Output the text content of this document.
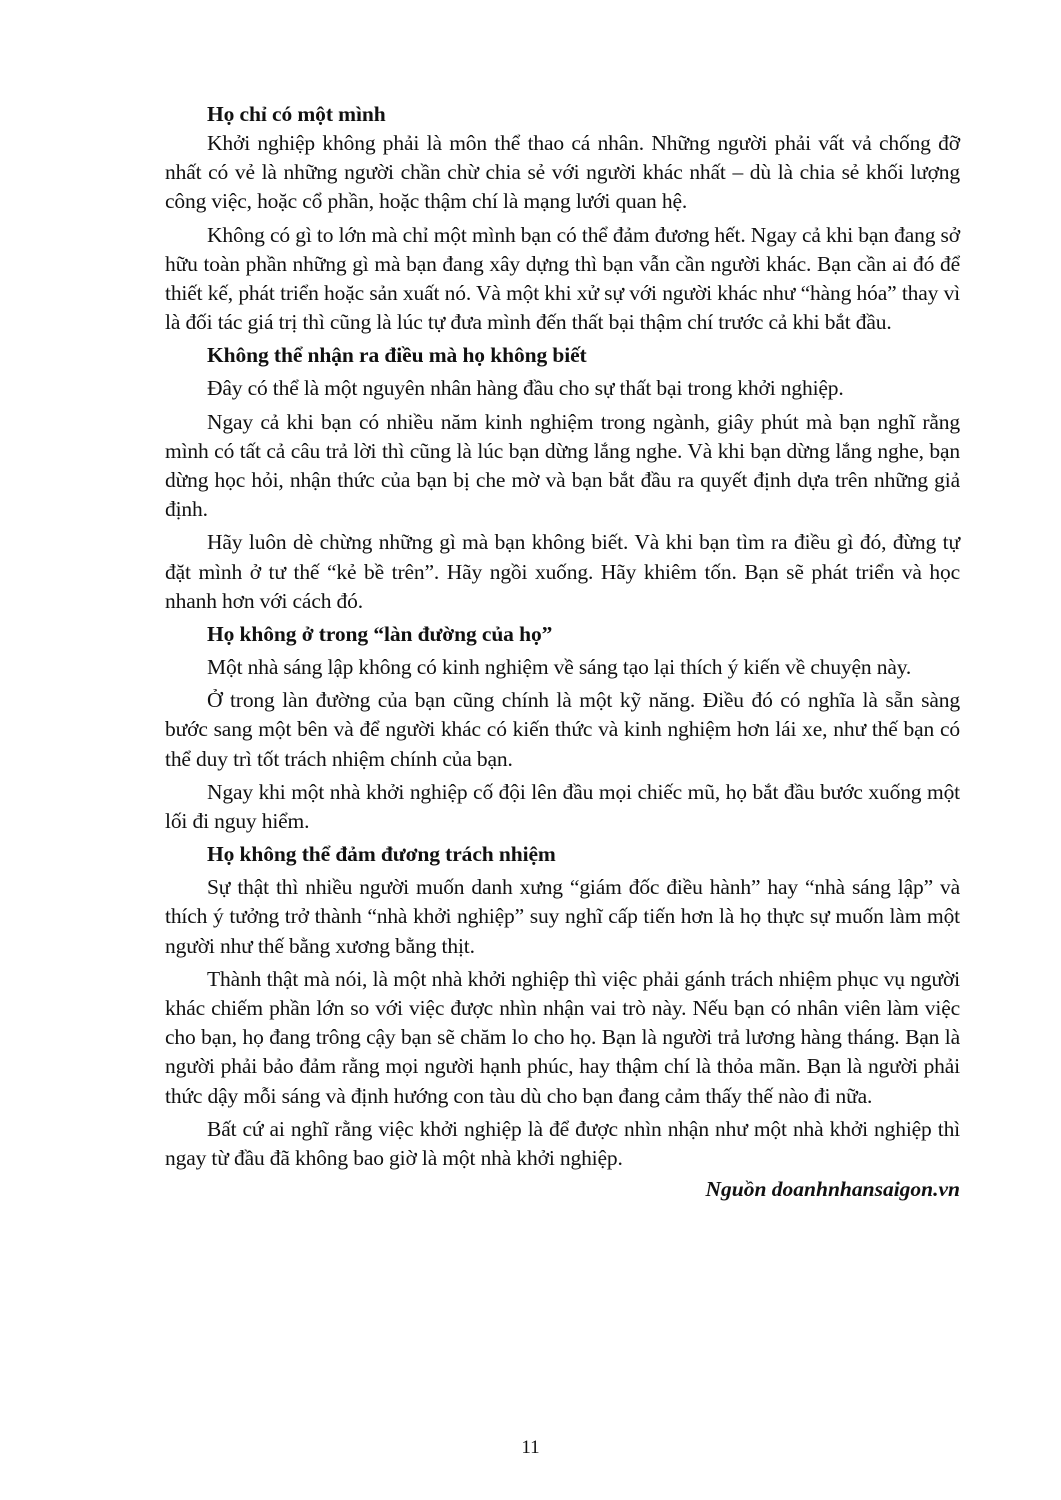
Họ chỉ có một mình

Khởi nghiệp không phải là môn thể thao cá nhân. Những người phải vất vả chống đỡ nhất có vẻ là những người chần chừ chia sẻ với người khác nhất – dù là chia sẻ khối lượng công việc, hoặc cổ phần, hoặc thậm chí là mạng lưới quan hệ.

Không có gì to lớn mà chỉ một mình bạn có thể đảm đương hết. Ngay cả khi bạn đang sở hữu toàn phần những gì mà bạn đang xây dựng thì bạn vẫn cần người khác. Bạn cần ai đó để thiết kế, phát triển hoặc sản xuất nó. Và một khi xử sự với người khác như “hàng hóa” thay vì là đối tác giá trị thì cũng là lúc tự đưa mình đến thất bại thậm chí trước cả khi bắt đầu.

Không thể nhận ra điều mà họ không biết

Đây có thể là một nguyên nhân hàng đầu cho sự thất bại trong khởi nghiệp.

Ngay cả khi bạn có nhiều năm kinh nghiệm trong ngành, giây phút mà bạn nghĩ rằng mình có tất cả câu trả lời thì cũng là lúc bạn dừng lắng nghe. Và khi bạn dừng lắng nghe, bạn dừng học hỏi, nhận thức của bạn bị che mờ và bạn bắt đầu ra quyết định dựa trên những giả định.

Hãy luôn dè chừng những gì mà bạn không biết. Và khi bạn tìm ra điều gì đó, đừng tự đặt mình ở tư thế “kẻ bề trên”. Hãy ngồi xuống. Hãy khiêm tốn. Bạn sẽ phát triển và học nhanh hơn với cách đó.

Họ không ở trong “làn đường của họ”

Một nhà sáng lập không có kinh nghiệm về sáng tạo lại thích ý kiến về chuyện này.

Ở trong làn đường của bạn cũng chính là một kỹ năng. Điều đó có nghĩa là sẵn sàng bước sang một bên và để người khác có kiến thức và kinh nghiệm hơn lái xe, như thế bạn có thể duy trì tốt trách nhiệm chính của bạn.

Ngay khi một nhà khởi nghiệp cố đội lên đầu mọi chiếc mũ, họ bắt đầu bước xuống một lối đi nguy hiểm.

Họ không thể đảm đương trách nhiệm

Sự thật thì nhiều người muốn danh xưng “giám đốc điều hành” hay “nhà sáng lập” và thích ý tưởng trở thành “nhà khởi nghiệp” suy nghĩ cấp tiến hơn là họ thực sự muốn làm một người như thế bằng xương bằng thịt.

Thành thật mà nói, là một nhà khởi nghiệp thì việc phải gánh trách nhiệm phục vụ người khác chiếm phần lớn so với việc được nhìn nhận vai trò này. Nếu bạn có nhân viên làm việc cho bạn, họ đang trông cậy bạn sẽ chăm lo cho họ. Bạn là người trả lương hàng tháng. Bạn là người phải bảo đảm rằng mọi người hạnh phúc, hay thậm chí là thỏa mãn. Bạn là người phải thức dậy mỗi sáng và định hướng con tàu dù cho bạn đang cảm thấy thế nào đi nữa.

Bất cứ ai nghĩ rằng việc khởi nghiệp là để được nhìn nhận như một nhà khởi nghiệp thì ngay từ đầu đã không bao giờ là một nhà khởi nghiệp.

Nguồn doanhnhansaigon.vn

11
